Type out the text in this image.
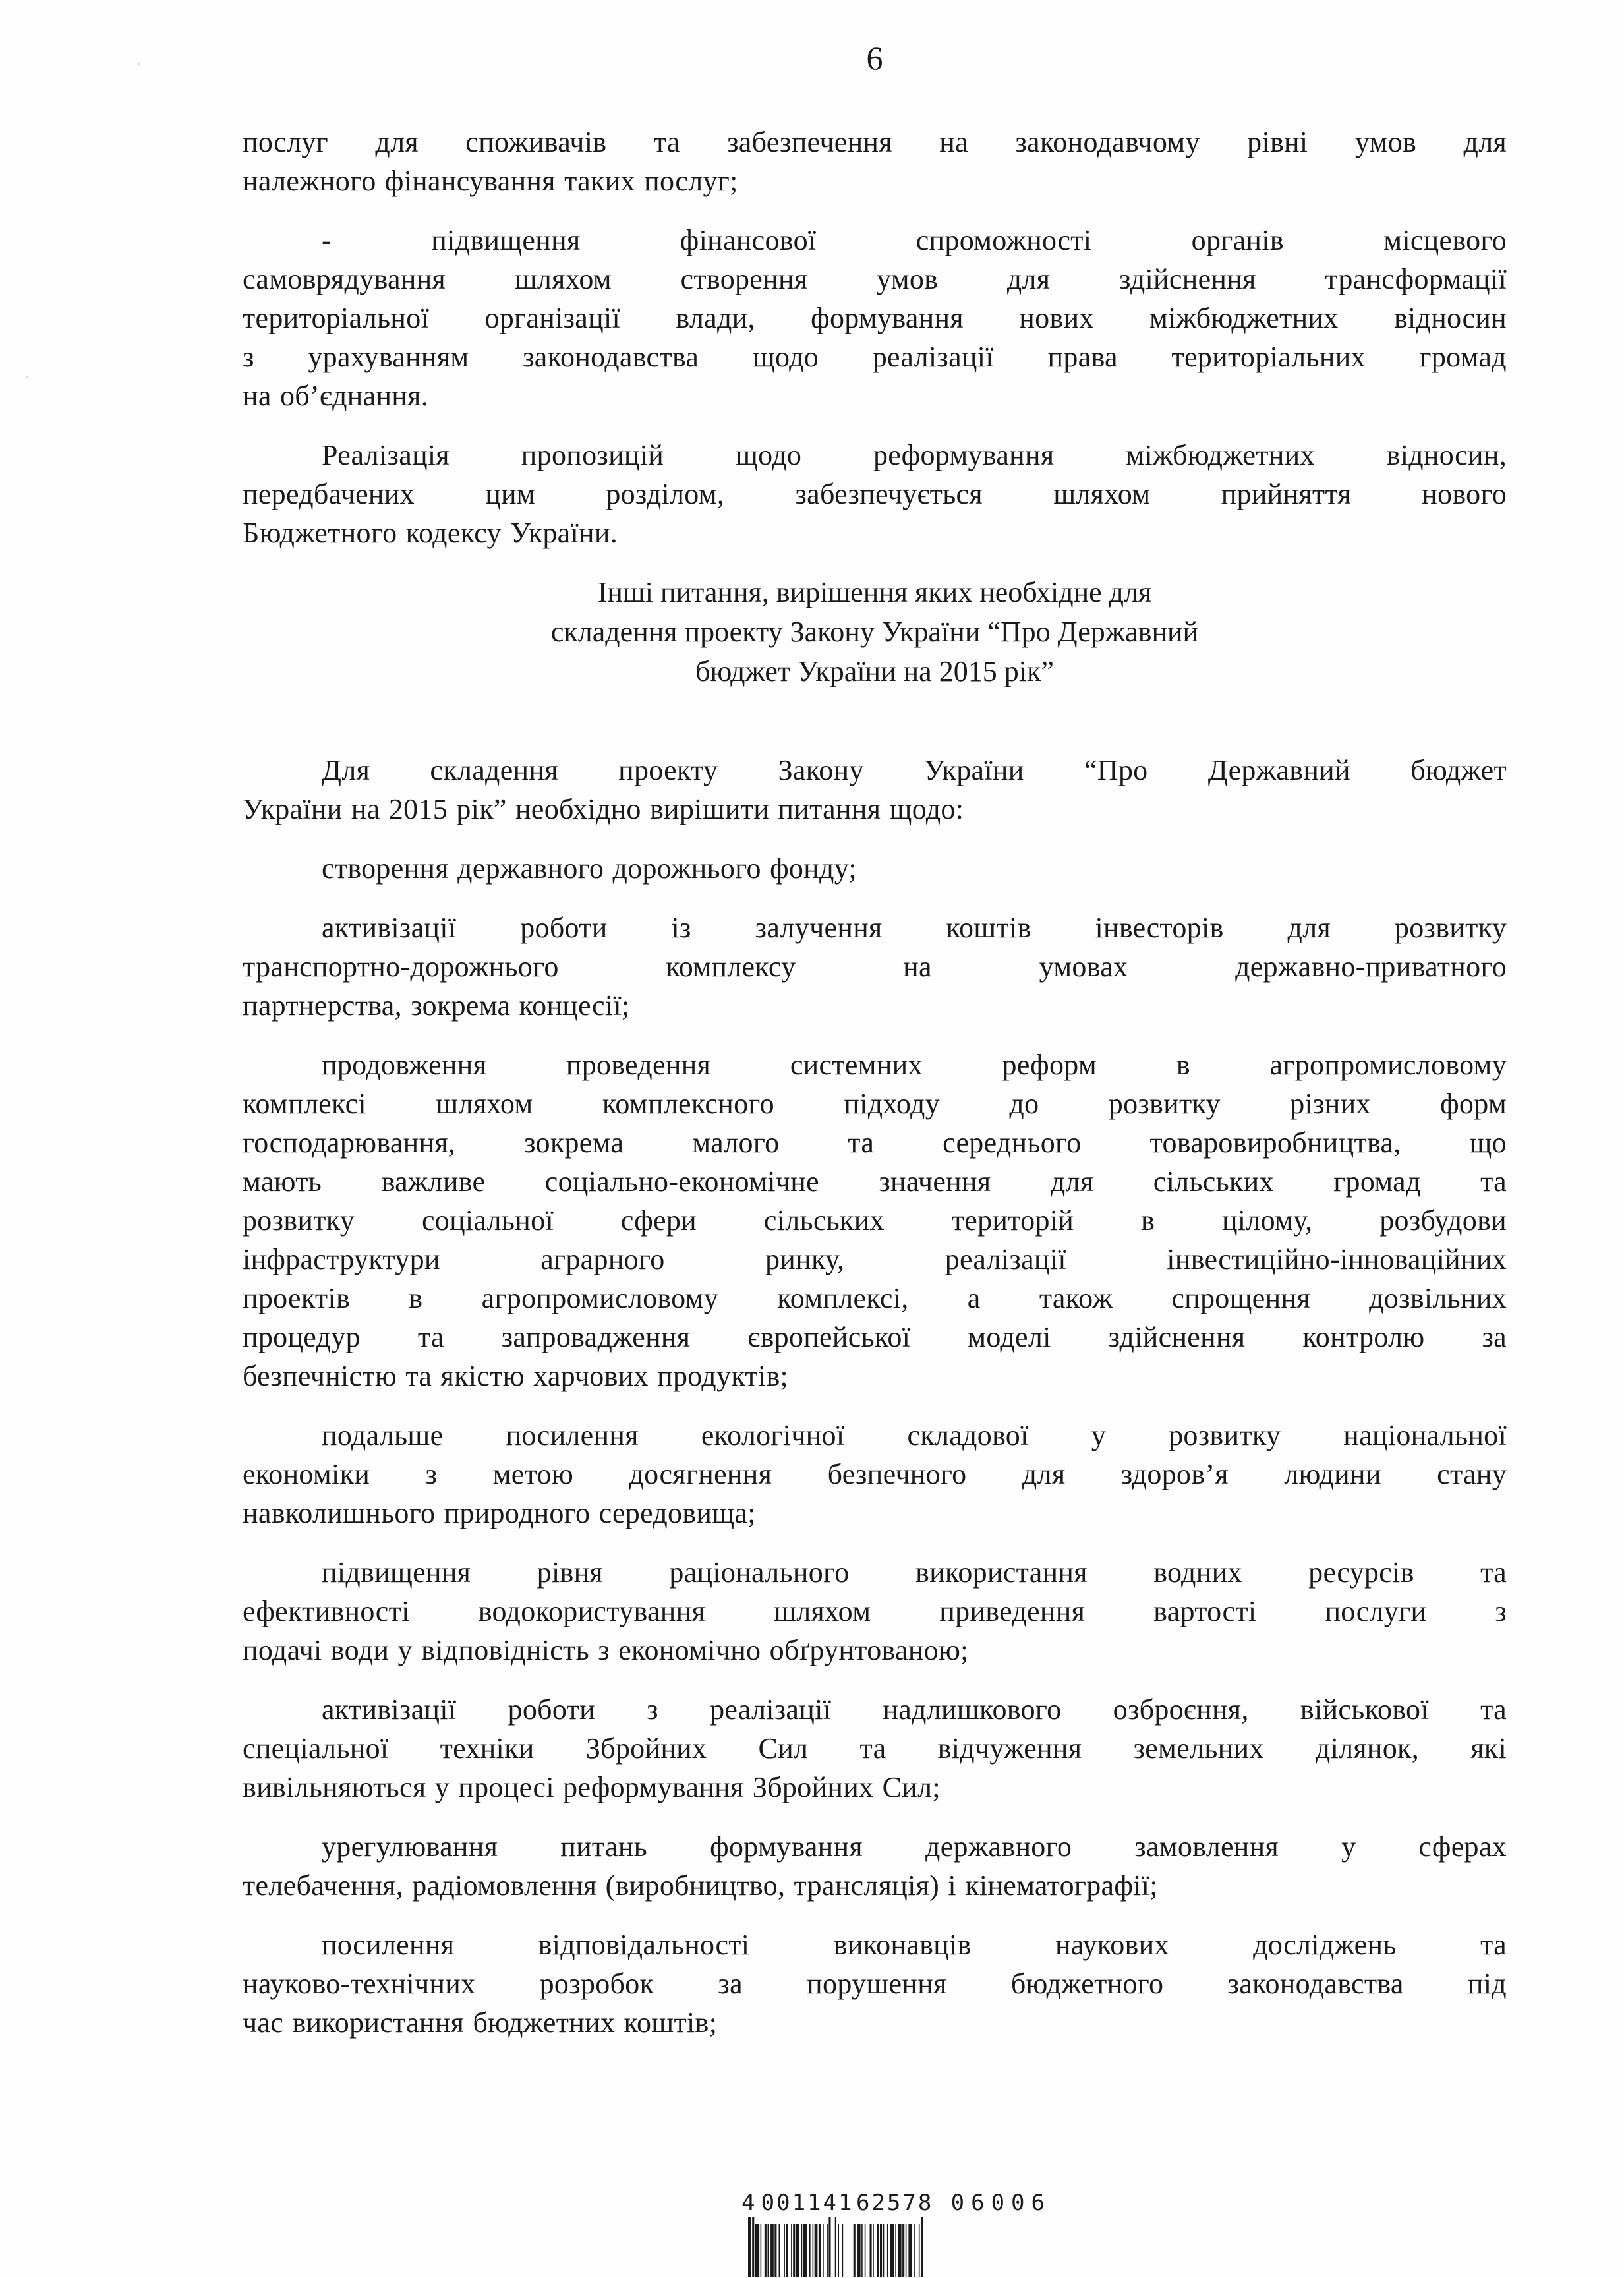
6
послуг для споживачів та забезпечення на законодавчому рівні умов для
належного фінансування таких послуг;
- підвищення фінансової спроможності органів місцевого
самоврядування шляхом створення умов для здійснення трансформації
територіальної організації влади, формування нових міжбюджетних відносин
з урахуванням законодавства щодо реалізації права територіальних громад
на об’єднання.
Реалізація пропозицій щодо реформування міжбюджетних відносин,
передбачених цим розділом, забезпечується шляхом прийняття нового
Бюджетного кодексу України.
Інші питання, вирішення яких необхідне для
складення проекту Закону України “Про Державний
бюджет України на 2015 рік”
Для складення проекту Закону України “Про Державний бюджет
України на 2015 рік” необхідно вирішити питання щодо:
створення державного дорожнього фонду;
активізації роботи із залучення коштів інвесторів для розвитку
транспортно-дорожнього комплексу на умовах державно-приватного
партнерства, зокрема концесії;
продовження проведення системних реформ в агропромисловому
комплексі шляхом комплексного підходу до розвитку різних форм
господарювання, зокрема малого та середнього товаровиробництва, що
мають важливе соціально-економічне значення для сільських громад та
розвитку соціальної сфери сільських територій в цілому, розбудови
інфраструктури аграрного ринку, реалізації інвестиційно-інноваційних
проектів в агропромисловому комплексі, а також спрощення дозвільних
процедур та запровадження європейської моделі здійснення контролю за
безпечністю та якістю харчових продуктів;
подальше посилення екологічної складової у розвитку національної
економіки з метою досягнення безпечного для здоров’я людини стану
навколишнього природного середовища;
підвищення рівня раціонального використання водних ресурсів та
ефективності водокористування шляхом приведення вартості послуги з
подачі води у відповідність з економічно обґрунтованою;
активізації роботи з реалізації надлишкового озброєння, військової та
спеціальної техніки Збройних Сил та відчуження земельних ділянок, які
вивільняються у процесі реформування Збройних Сил;
урегулювання питань формування державного замовлення у сферах
телебачення, радіомовлення (виробництво, трансляція) і кінематографії;
посилення відповідальності виконавців наукових досліджень та
науково-технічних розробок за порушення бюджетного законодавства під
час використання бюджетних коштів;
4 001141 62578 06006
